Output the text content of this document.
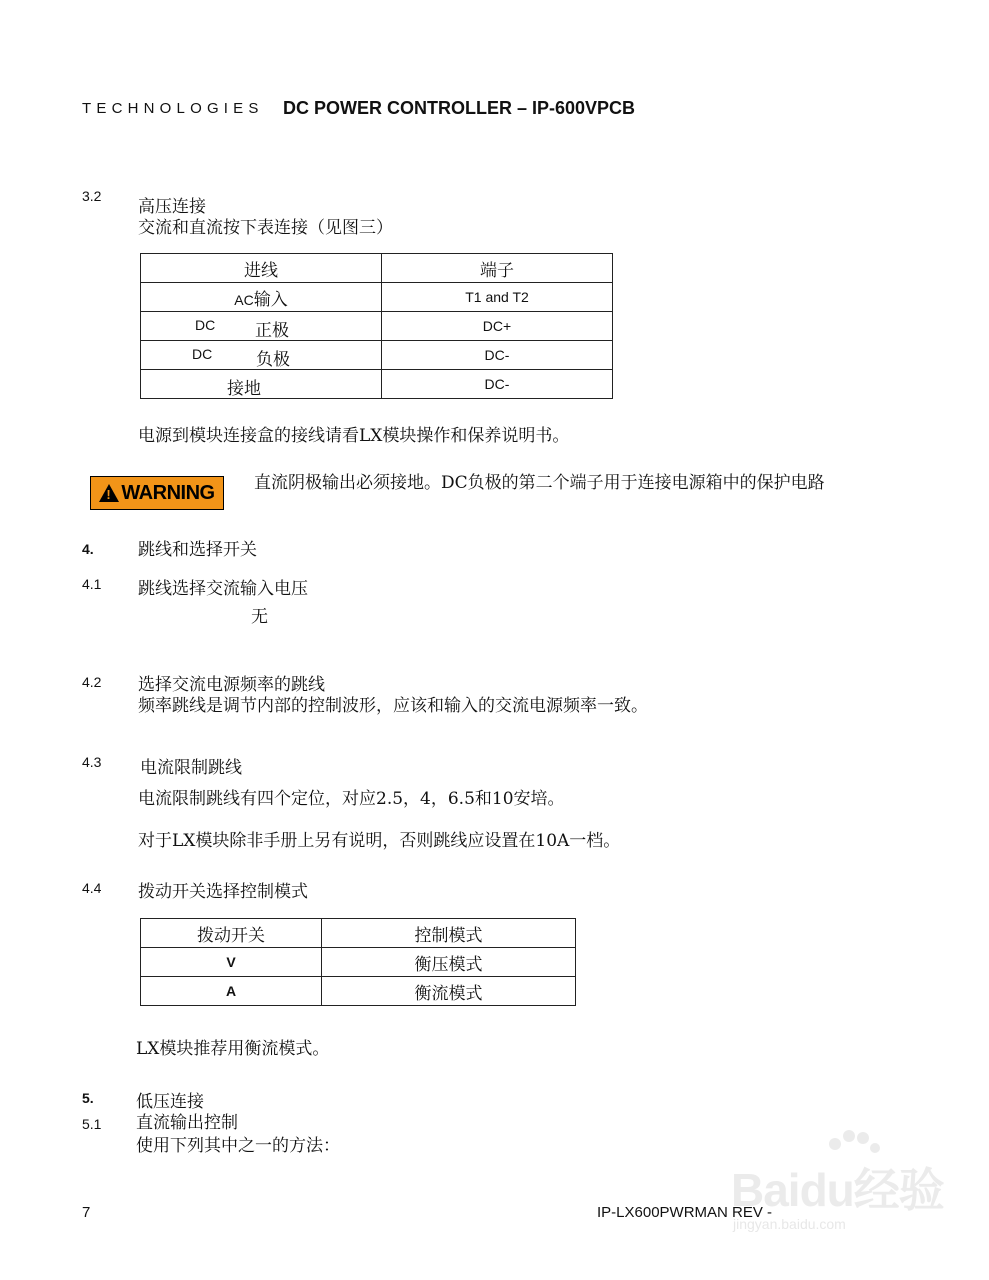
TECHNOLOGIES DC POWER CONTROLLER – IP-600VPCB
3.2
高压连接
交流和直流按下表连接（见图三）
进线	端子
AC输入	T1 and T2

DC 正极	DC+

DC 负极	DC-

接地	DC-
电源到模块连接盒的接线请看LX模块操作和保养说明书。
!
WARNING 直流阴极输出必须接地。DC负极的第二个端子用于连接电源箱中的保护电路
4.	跳线和选择开关
4.1 跳线选择交流输入电压
无
4.2 选择交流电源频率的跳线
频率跳线是调节内部的控制波形，应该和输入的交流电源频率一致。
4.3 电流限制跳线
电流限制跳线有四个定位，对应2.5，4，6.5和10安培。
对于LX模块除非手册上另有说明，否则跳线应设置在10A一档。
4.4 拨动开关选择控制模式
拨动开关	控制模式
V	衡压模式
A	衡流模式
LX模块推荐用衡流模式。
5. 低压连接
5.1 直流输出控制
使用下列其中之一的方法：
7	IP-LX600PWRMAN REV -
Baidu经验
jingyan.baidu.com
